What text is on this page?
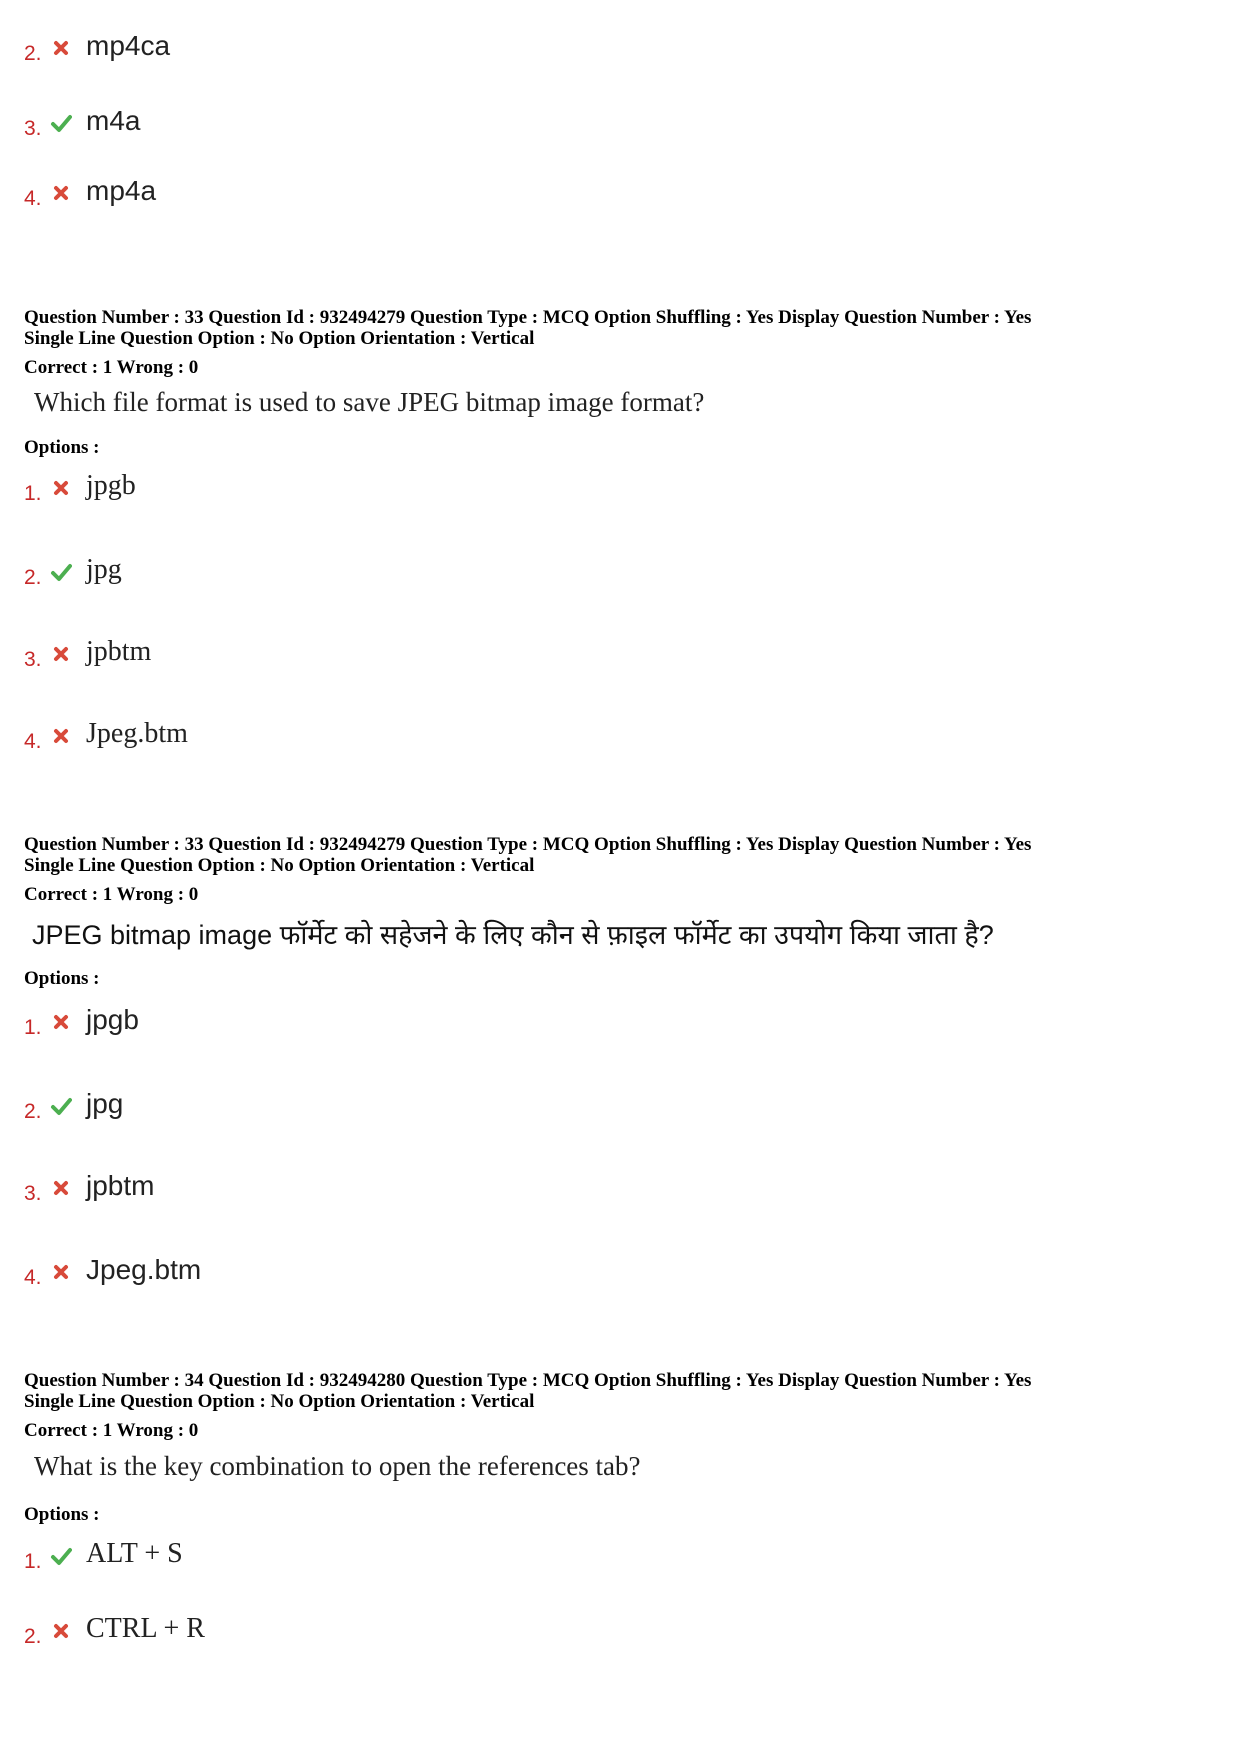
2.	mp4ca
3.	m4a
4.	mp4a
Question Number : 33 Question Id : 932494279 Question Type : MCQ Option Shuffling : Yes Display Question Number : Yes
Single Line Question Option : No Option Orientation : Vertical
Correct : 1 Wrong : 0
Which file format is used to save JPEG bitmap image format?
Options :
1.	jpgb
2.	jpg
3.	jpbtm
4.	Jpeg.btm
Question Number : 33 Question Id : 932494279 Question Type : MCQ Option Shuffling : Yes Display Question Number : Yes
Single Line Question Option : No Option Orientation : Vertical
Correct : 1 Wrong : 0
JPEG bitmap image फॉर्मेट को सहेजने के लिए कौन से फ़ाइल फॉर्मेट का उपयोग किया जाता है?
Options :
1.	jpgb
2.	jpg
3.	jpbtm
4.	Jpeg.btm
Question Number : 34 Question Id : 932494280 Question Type : MCQ Option Shuffling : Yes Display Question Number : Yes
Single Line Question Option : No Option Orientation : Vertical
Correct : 1 Wrong : 0
What is the key combination to open the references tab?
Options :
1.	ALT + S
2.	CTRL + R
